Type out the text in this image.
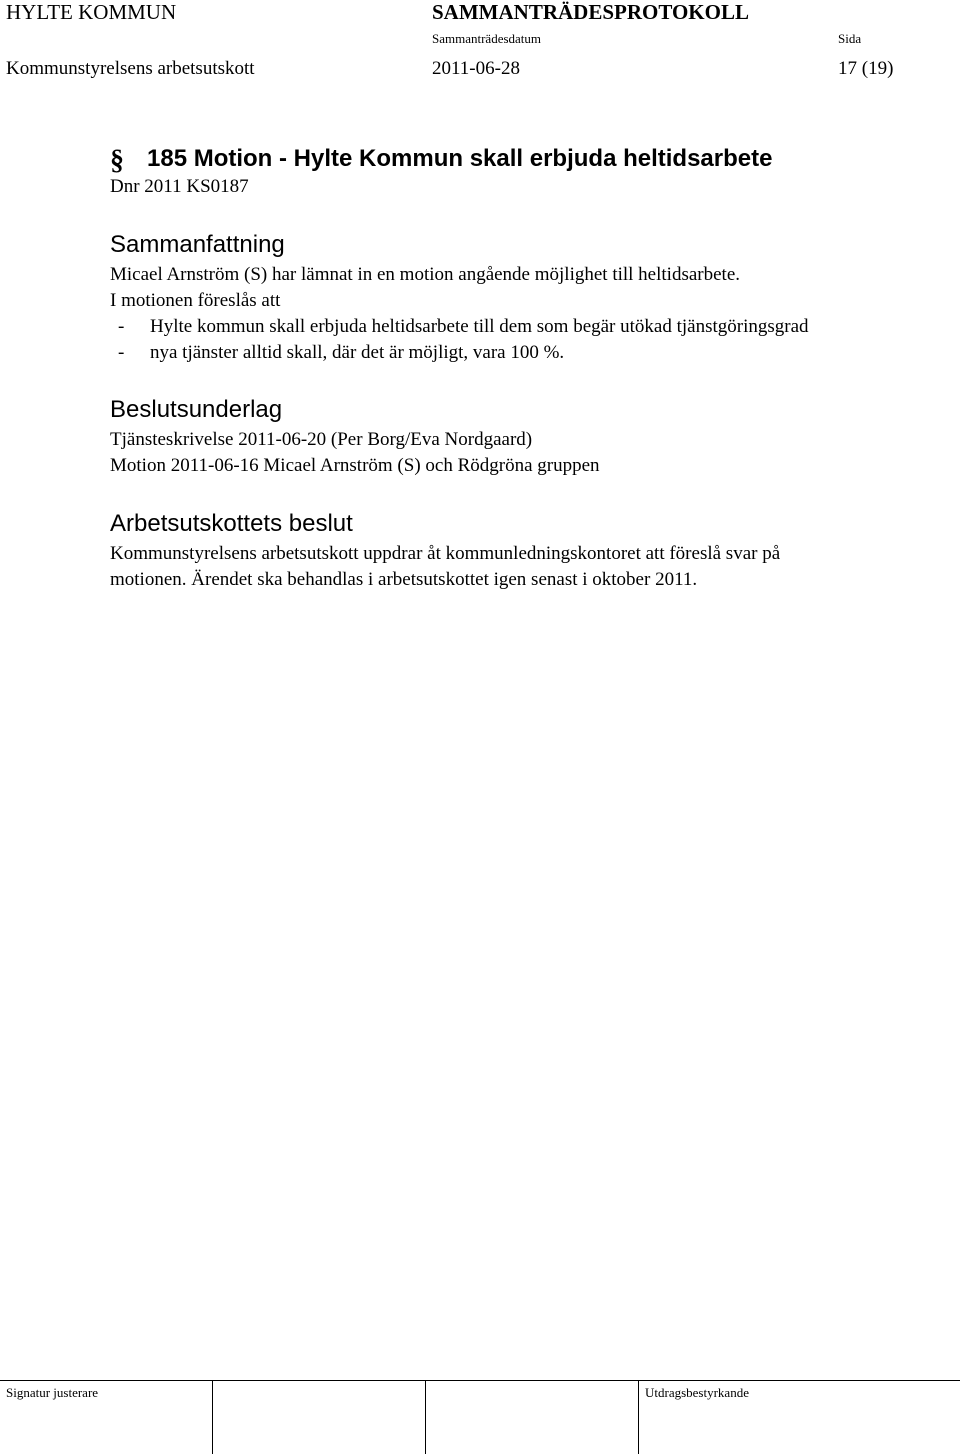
HYLTE KOMMUN	SAMMANTRÄDESPROTOKOLL
Sammanträdesdatum	Sida
Kommunstyrelsens arbetsutskott	2011-06-28	17 (19)
§ 185 Motion - Hylte Kommun skall erbjuda heltidsarbete
Dnr 2011 KS0187
Sammanfattning
Micael Arnström (S) har lämnat in en motion angående möjlighet till heltidsarbete.
I motionen föreslås att
- Hylte kommun skall erbjuda heltidsarbete till dem som begär utökad tjänstgöringsgrad
- nya tjänster alltid skall, där det är möjligt, vara 100 %.
Beslutsunderlag
Tjänsteskrivelse 2011-06-20 (Per Borg/Eva Nordgaard)
Motion 2011-06-16 Micael Arnström (S) och Rödgröna gruppen
Arbetsutskottets beslut
Kommunstyrelsens arbetsutskott uppdrar åt kommunledningskontoret att föreslå svar på
motionen. Ärendet ska behandlas i arbetsutskottet igen senast i oktober 2011.
Signatur justerare	Utdragsbestyrkande
